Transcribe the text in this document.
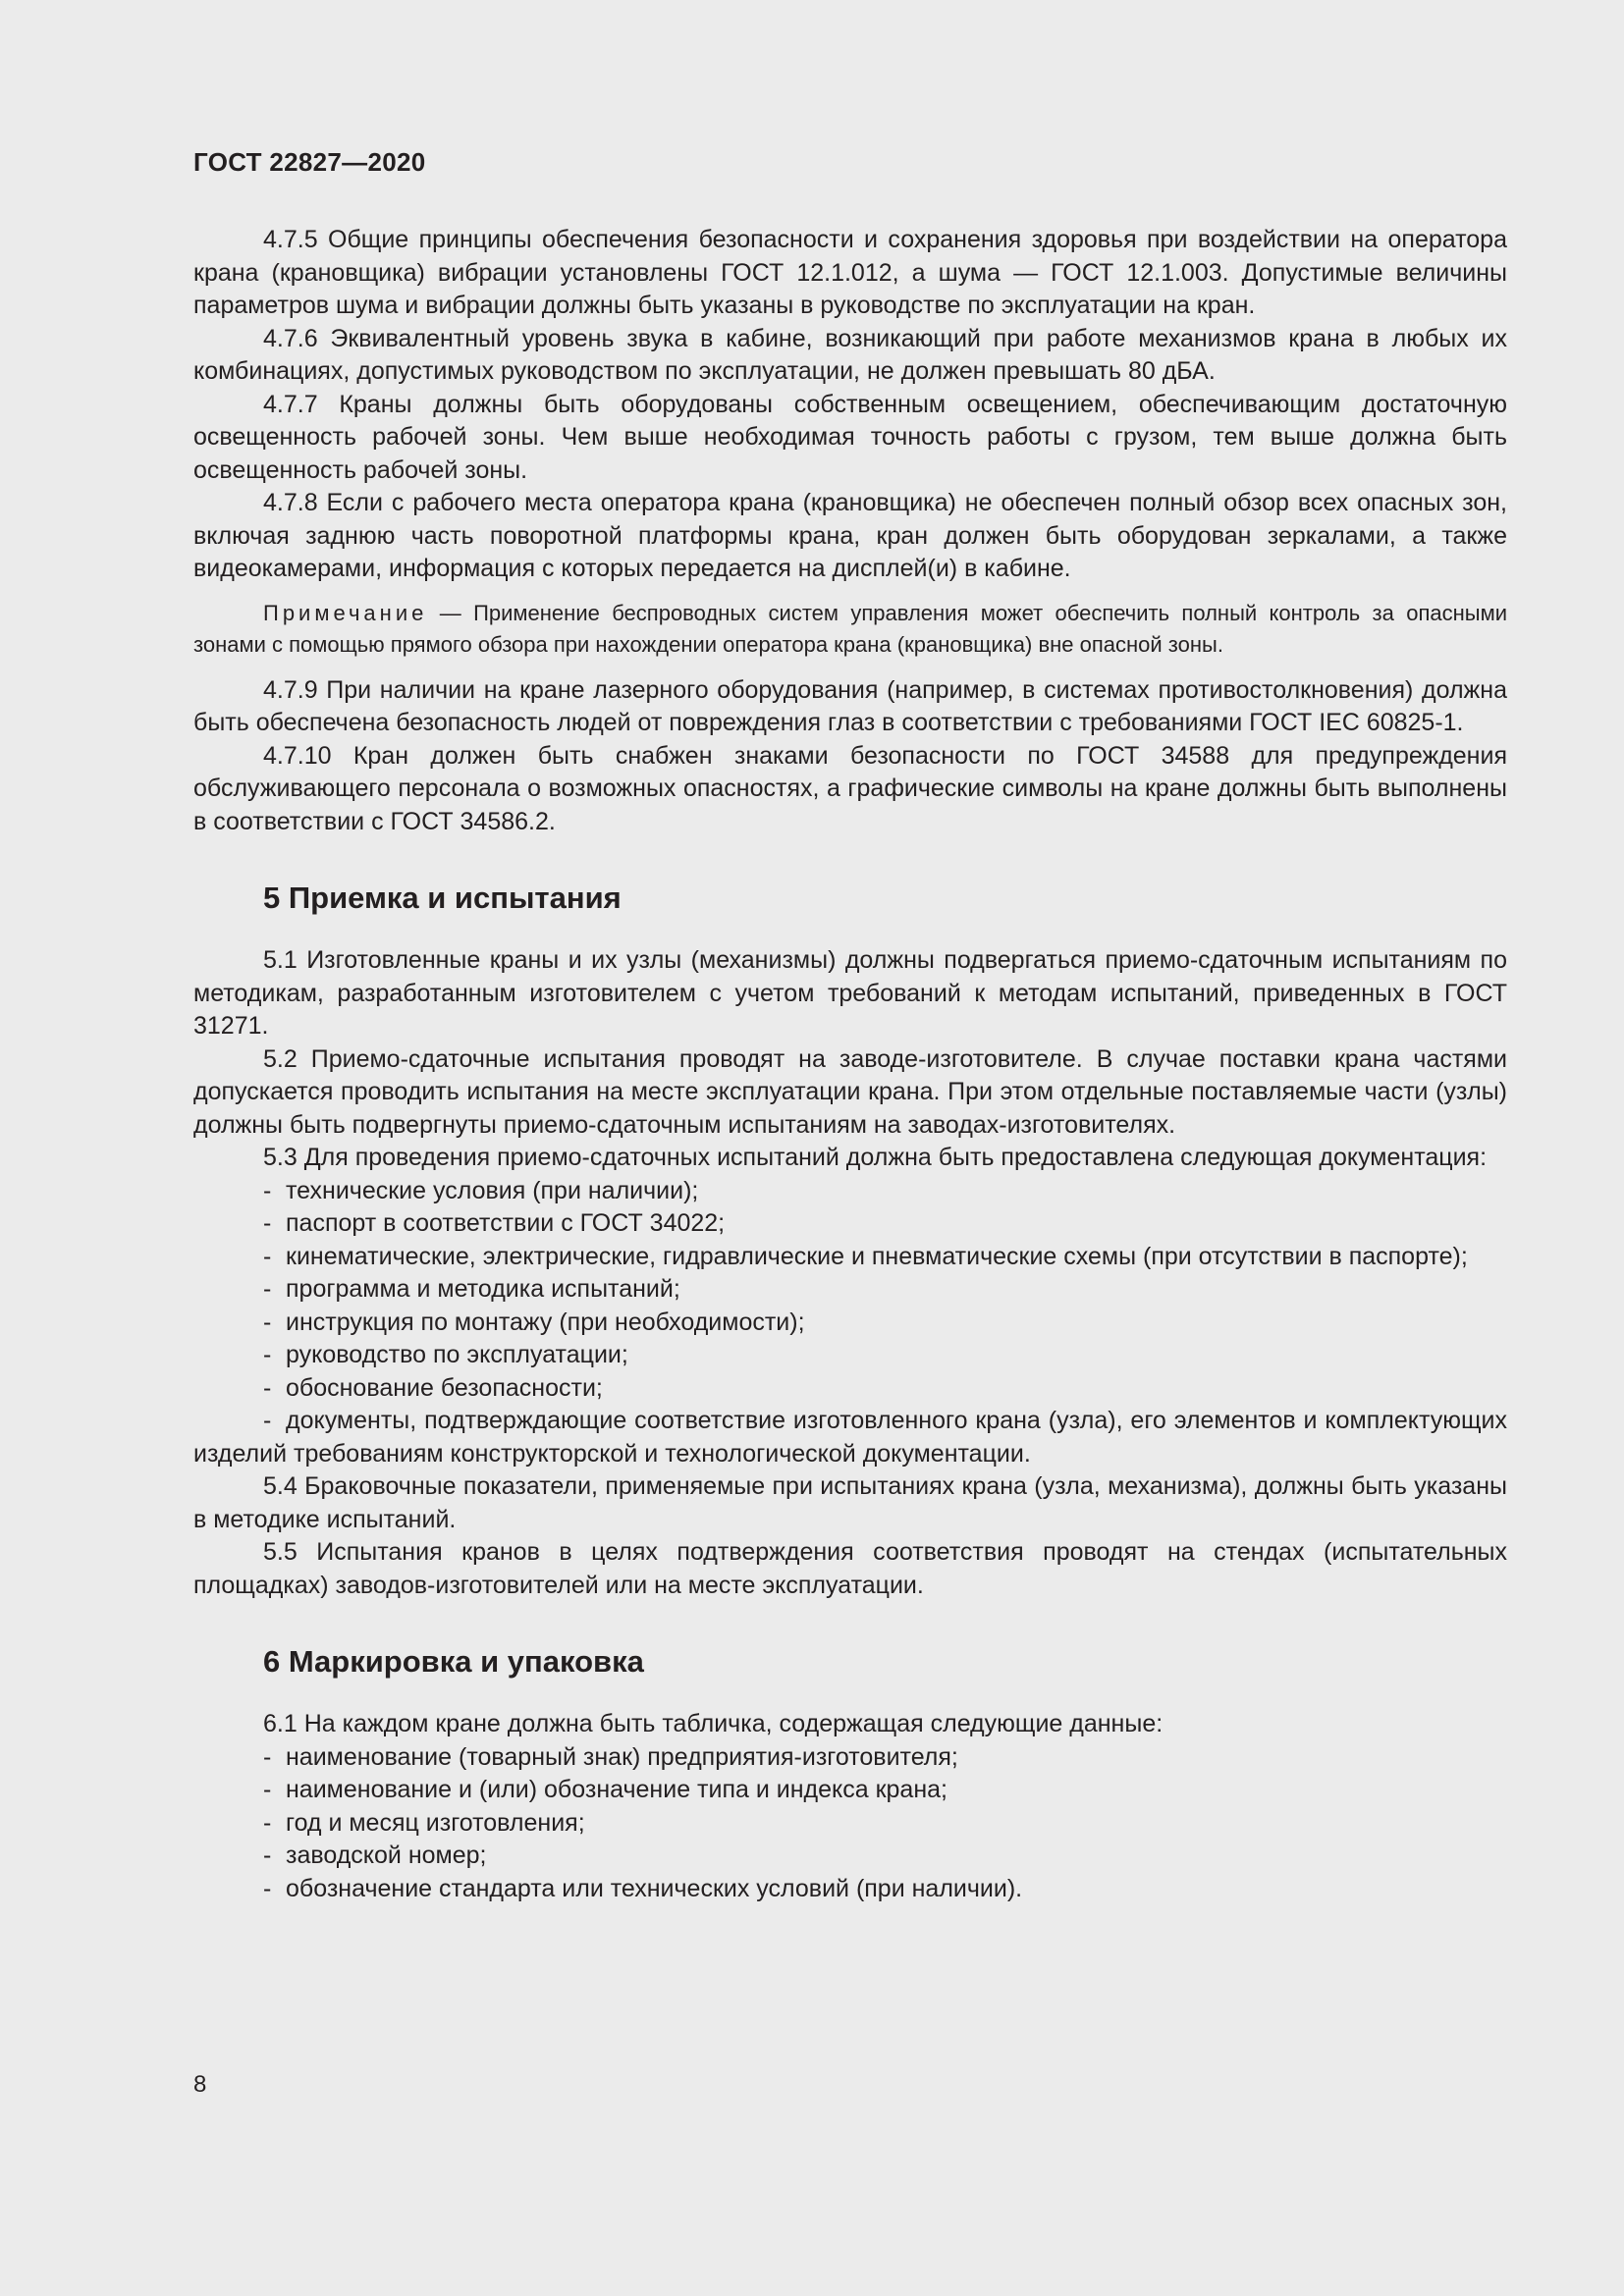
ГОСТ 22827—2020

4.7.5 Общие принципы обеспечения безопасности и сохранения здоровья при воздействии на оператора крана (крановщика) вибрации установлены ГОСТ 12.1.012, а шума — ГОСТ 12.1.003. Допустимые величины параметров шума и вибрации должны быть указаны в руководстве по эксплуатации на кран.

4.7.6 Эквивалентный уровень звука в кабине, возникающий при работе механизмов крана в любых их комбинациях, допустимых руководством по эксплуатации, не должен превышать 80 дБА.

4.7.7 Краны должны быть оборудованы собственным освещением, обеспечивающим достаточную освещенность рабочей зоны. Чем выше необходимая точность работы с грузом, тем выше должна быть освещенность рабочей зоны.

4.7.8 Если с рабочего места оператора крана (крановщика) не обеспечен полный обзор всех опасных зон, включая заднюю часть поворотной платформы крана, кран должен быть оборудован зеркалами, а также видеокамерами, информация с которых передается на дисплей(и) в кабине.

Примечание — Применение беспроводных систем управления может обеспечить полный контроль за опасными зонами с помощью прямого обзора при нахождении оператора крана (крановщика) вне опасной зоны.

4.7.9 При наличии на кране лазерного оборудования (например, в системах противостолкновения) должна быть обеспечена безопасность людей от повреждения глаз в соответствии с требованиями ГОСТ IEC 60825-1.

4.7.10 Кран должен быть снабжен знаками безопасности по ГОСТ 34588 для предупреждения обслуживающего персонала о возможных опасностях, а графические символы на кране должны быть выполнены в соответствии с ГОСТ 34586.2.

5 Приемка и испытания

5.1 Изготовленные краны и их узлы (механизмы) должны подвергаться приемо-сдаточным испытаниям по методикам, разработанным изготовителем с учетом требований к методам испытаний, приведенных в ГОСТ 31271.

5.2 Приемо-сдаточные испытания проводят на заводе-изготовителе. В случае поставки крана частями допускается проводить испытания на месте эксплуатации крана. При этом отдельные поставляемые части (узлы) должны быть подвергнуты приемо-сдаточным испытаниям на заводах-изготовителях.

5.3 Для проведения приемо-сдаточных испытаний должна быть предоставлена следующая документация:

- технические условия (при наличии);
- паспорт в соответствии с ГОСТ 34022;
- кинематические, электрические, гидравлические и пневматические схемы (при отсутствии в паспорте);
- программа и методика испытаний;
- инструкция по монтажу (при необходимости);
- руководство по эксплуатации;
- обоснование безопасности;
- документы, подтверждающие соответствие изготовленного крана (узла), его элементов и комплектующих изделий требованиям конструкторской и технологической документации.

5.4 Браковочные показатели, применяемые при испытаниях крана (узла, механизма), должны быть указаны в методике испытаний.

5.5 Испытания кранов в целях подтверждения соответствия проводят на стендах (испытательных площадках) заводов-изготовителей или на месте эксплуатации.

6 Маркировка и упаковка

6.1 На каждом кране должна быть табличка, содержащая следующие данные:

- наименование (товарный знак) предприятия-изготовителя;
- наименование и (или) обозначение типа и индекса крана;
- год и месяц изготовления;
- заводской номер;
- обозначение стандарта или технических условий (при наличии).
8
